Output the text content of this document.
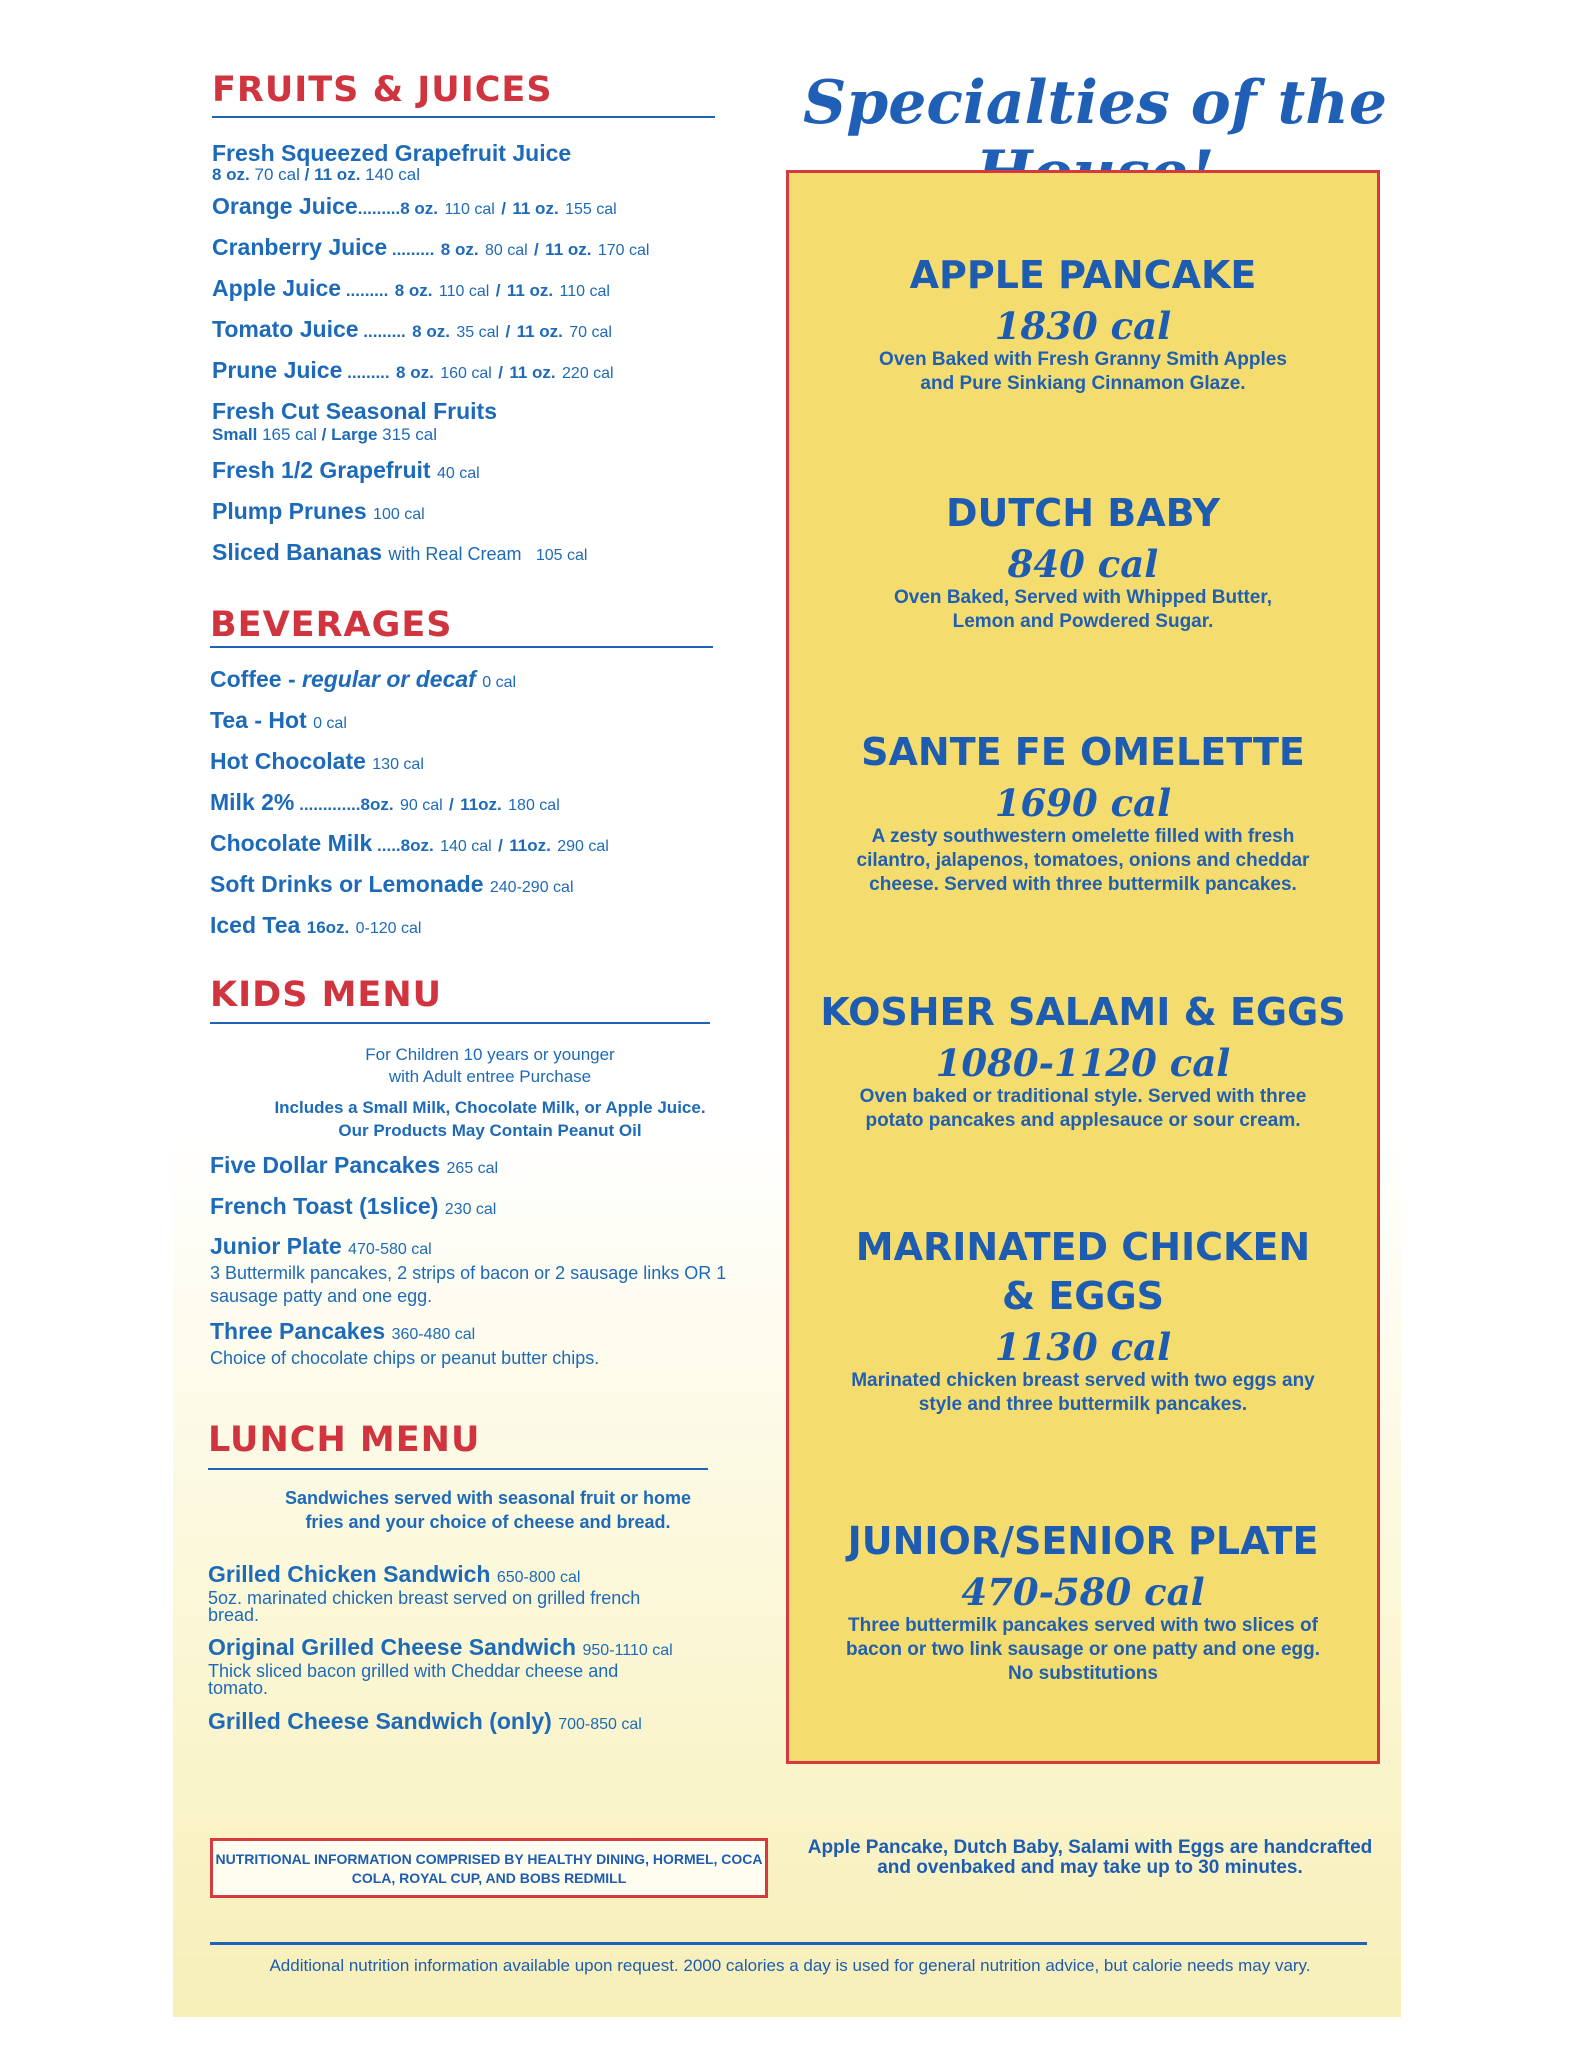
FRUITS & JUICES
Fresh Squeezed Grapefruit Juice
8 oz. 70 cal / 11 oz. 140 cal
Orange Juice.........8 oz. 110 cal / 11 oz. 155 cal
Cranberry Juice ......... 8 oz. 80 cal / 11 oz. 170 cal
Apple Juice ......... 8 oz. 110 cal / 11 oz. 110 cal
Tomato Juice ......... 8 oz. 35 cal / 11 oz. 70 cal
Prune Juice ......... 8 oz. 160 cal / 11 oz. 220 cal
Fresh Cut Seasonal Fruits
Small 165 cal / Large 315 cal
Fresh 1/2 Grapefruit 40 cal
Plump Prunes 100 cal
Sliced Bananas with Real Cream 105 cal
BEVERAGES
Coffee - regular or decaf 0 cal
Tea - Hot 0 cal
Hot Chocolate 130 cal
Milk 2% .............8oz. 90 cal / 11oz. 180 cal
Chocolate Milk .....8oz. 140 cal / 11oz. 290 cal
Soft Drinks or Lemonade 240-290 cal
Iced Tea 16oz. 0-120 cal
KIDS MENU
For Children 10 years or younger
with Adult entree Purchase
Includes a Small Milk, Chocolate Milk, or Apple Juice.
Our Products May Contain Peanut Oil
Five Dollar Pancakes 265 cal
French Toast (1slice) 230 cal
Junior Plate 470-580 cal
3 Buttermilk pancakes, 2 strips of bacon or 2 sausage links OR 1 sausage patty and one egg.
Three Pancakes 360-480 cal
Choice of chocolate chips or peanut butter chips.
LUNCH MENU
Sandwiches served with seasonal fruit or home
fries and your choice of cheese and bread.
Grilled Chicken Sandwich 650-800 cal
5oz. marinated chicken breast served on grilled french bread.
Original Grilled Cheese Sandwich 950-1110 cal
Thick sliced bacon grilled with Cheddar cheese and tomato.
Grilled Cheese Sandwich (only) 700-850 cal
Specialties of the

APPLE PANCAKE

1830 cal

Oven Baked with Fresh Granny Smith Apples and Pure Sinkiang Cinnamon Glaze.

DUTCH BABY

840 cal

Oven Baked, Served with Whipped Butter, Lemon and Powdered Sugar.

SANTE FE OMELETTE

1690 cal

A zesty southwestern omelette filled with fresh cilantro, jalapenos, tomatoes, onions and cheddar cheese. Served with three buttermilk pancakes.

KOSHER SALAMI & EGGS

1080-1120 cal

Oven baked or traditional style. Served with three potato pancakes and applesauce or sour cream.

MARINATED CHICKEN & EGGS

1130 cal

Marinated chicken breast served with two eggs any style and three buttermilk pancakes.

JUNIOR/SENIOR PLATE

470-580 cal

Three buttermilk pancakes served with two slices of bacon or two link sausage or one patty and one egg. No substitutions

NUTRITIONAL INFORMATION COMPRISED BY HEALTHY DINING, HORMEL, COCA COLA, ROYAL CUP, AND BOBS REDMILL
Apple Pancake, Dutch Baby, Salami with Eggs are handcrafted and ovenbaked and may take up to 30 minutes.
Additional nutrition information available upon request. 2000 calories a day is used for general nutrition advice, but calorie needs may vary.
